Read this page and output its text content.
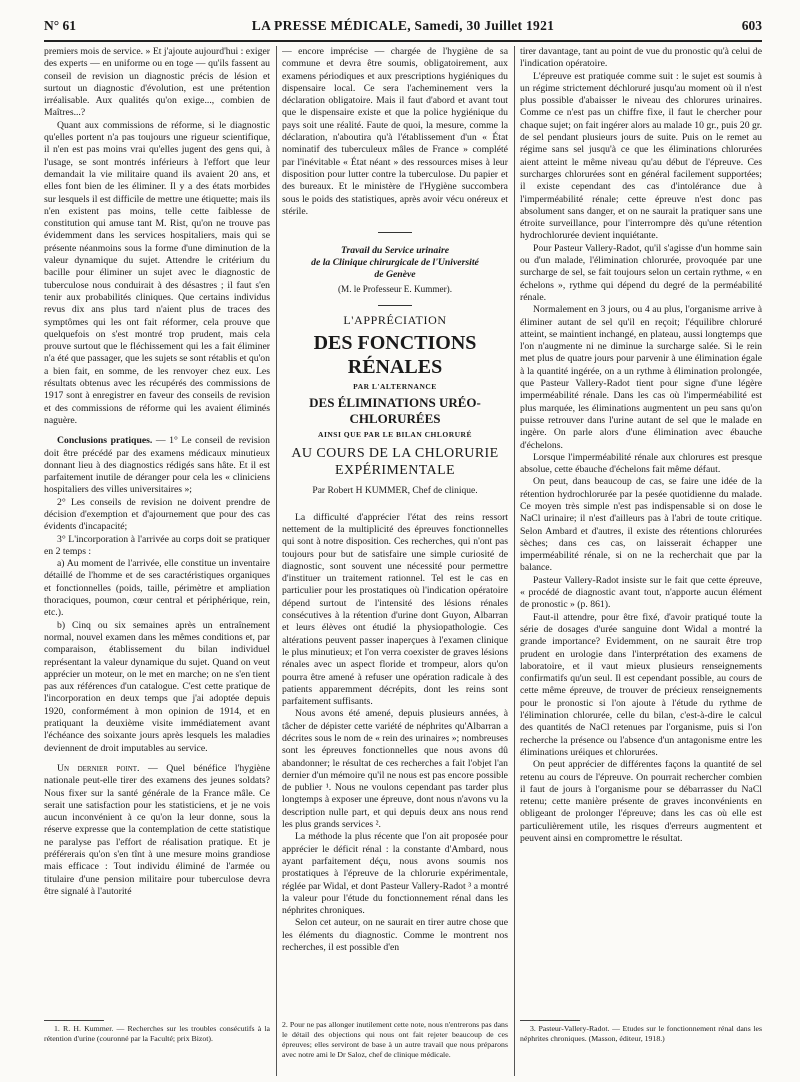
N° 61	LA PRESSE MÉDICALE, Samedi, 30 Juillet 1921	603

premiers mois de service. » Et j'ajoute aujourd'hui : exiger des experts — en uniforme ou en toge — qu'ils fassent au conseil de revision un diagnostic précis de lésion et surtout un diagnostic d'évolution, est une prétention irréalisable. Aux qualités qu'on exige..., combien de Maîtres...?

Quant aux commissions de réforme, si le diagnostic qu'elles portent n'a pas toujours une rigueur scientifique, il n'en est pas moins vrai qu'elles jugent des gens qui, à l'usage, se sont montrés inférieurs à l'effort que leur demandait la vie militaire quand ils avaient 20 ans, et elles font bien de les éliminer. Il y a des états morbides sur lesquels il est difficile de mettre une étiquette; mais ils n'en existent pas moins, telle cette faiblesse de constitution qui amuse tant M. Rist, qu'on ne trouve pas évidemment dans les services hospitaliers, mais qui se présente néanmoins sous la forme d'une diminution de la valeur dynamique du sujet. Attendre le critérium du bacille pour éliminer un sujet avec le diagnostic de tuberculose nous conduirait à des désastres ; il faut s'en tenir aux probabilités cliniques. Que certains individus revus dix ans plus tard n'aient plus de traces des symptômes qui les ont fait réformer, cela prouve que quelquefois on s'est montré trop prudent, mais cela prouve surtout que le fléchissement qui les a fait éliminer n'a été que passager, que les sujets se sont rétablis et qu'on a bien fait, en somme, de les renvoyer chez eux. Les résultats obtenus avec les récupérés des commissions de 1917 sont à enregistrer en faveur des conseils de revision et des commissions de réforme qui les avaient éliminés naguère.

Conclusions pratiques. — 1° Le conseil de revision doit être précédé par des examens médicaux minutieux donnant lieu à des diagnostics rédigés sans hâte. Et il est parfaitement inutile de déranger pour cela les « cliniciens hospitaliers des villes universitaires »;

2° Les conseils de revision ne doivent prendre de décision d'exemption et d'ajournement que pour des cas évidents d'incapacité;

3° L'incorporation à l'arrivée au corps doit se pratiquer en 2 temps :

a) Au moment de l'arrivée, elle constitue un inventaire détaillé de l'homme et de ses caractéristiques organiques et fonctionnelles (poids, taille, périmètre et ampliation thoraciques, poumon, cœur central et périphérique, rein, etc.).

b) Cinq ou six semaines après un entraînement normal, nouvel examen dans les mêmes conditions et, par comparaison, établissement du bilan individuel représentant la valeur dynamique du sujet. Quand on veut apprécier un moteur, on le met en marche; on ne s'en tient pas aux références d'un catalogue. C'est cette pratique de l'incorporation en deux temps que j'ai adoptée depuis 1920, conformément à mon opinion de 1914, et en pratiquant la deuxième visite immédiatement avant l'échéance des soixante jours après lesquels les maladies deviennent de droit imputables au service.

Un dernier point. — Quel bénéfice l'hygiène nationale peut-elle tirer des examens des jeunes soldats? Nous fixer sur la santé générale de la France mâle. Ce serait une satisfaction pour les statisticiens, et je ne vois aucun inconvénient à ce qu'on la leur donne, sous la réserve expresse que la contemplation de cette statistique ne paralyse pas l'effort de réalisation pratique. Et je préférerais qu'on s'en tînt à une mesure moins grandiose mais efficace : Tout individu éliminé de l'armée ou titulaire d'une pension militaire pour tuberculose devra être signalé à l'autorité

— encore imprécise — chargée de l'hygiène de sa commune et devra être soumis, obligatoirement, aux examens périodiques et aux prescriptions hygiéniques du dispensaire local. Ce sera l'acheminement vers la déclaration obligatoire. Mais il faut d'abord et avant tout que le dispensaire existe et que la police hygiénique du pays soit une réalité. Faute de quoi, la mesure, comme la déclaration, n'aboutira qu'à l'établissement d'un « État nominatif des tuberculeux mâles de France » complété par l'inévitable « État néant » des ressources mises à leur disposition pour lutter contre la tuberculose. Du papier et des bureaux. Et le ministère de l'Hygiène succombera sous le poids des statistiques, après avoir vécu onéreux et stérile.

Travail du Service urinaire
de la Clinique chirurgicale de l'Université
de Genève
(M. le Professeur E. Kummer).
L'APPRÉCIATION
DES FONCTIONS RÉNALES
PAR L'ALTERNANCE
DES ÉLIMINATIONS URÉO-CHLORURÉES
AINSI QUE PAR LE BILAN CHLORURÉ
AU COURS DE LA CHLORURIE
EXPÉRIMENTALE
Par Robert H KUMMER, Chef de clinique.

La difficulté d'apprécier l'état des reins ressort nettement de la multiplicité des épreuves fonctionnelles qui sont à notre disposition. Ces recherches, qui n'ont pas toujours pour but de satisfaire une simple curiosité de diagnostic, sont souvent une nécessité pour permettre d'instituer un traitement rationnel. Tel est le cas en particulier pour les prostatiques où l'indication opératoire dépend surtout de l'intensité des lésions rénales consécutives à la rétention d'urine dont Guyon, Albarran et leurs élèves ont étudié la physiopathologie. Ces altérations peuvent passer inaperçues à l'examen clinique le plus minutieux; et l'on verra coexister de graves lésions rénales avec un aspect floride et trompeur, alors qu'on pourra être amené à refuser une opération radicale à des patients apparemment décrépits, dont les reins sont parfaitement suffisants.

Nous avons été amené, depuis plusieurs années, à tâcher de dépister cette variété de néphrites qu'Albarran a décrites sous le nom de « rein des urinaires »; nombreuses sont les épreuves fonctionnelles que nous avons dû abandonner; le résultat de ces recherches a fait l'objet l'an dernier d'un mémoire qu'il ne nous est pas encore possible de publier ¹. Nous ne voulons cependant pas tarder plus longtemps à exposer une épreuve, dont nous n'avons vu la description nulle part, et qui depuis deux ans nous rend les plus grands services ².

La méthode la plus récente que l'on ait proposée pour apprécier le déficit rénal : la constante d'Ambard, nous ayant parfaitement déçu, nous avons soumis nos prostatiques à l'épreuve de la chlorurie expérimentale, réglée par Widal, et dont Pasteur Vallery-Radot ³ a montré la valeur pour l'étude du fonctionnement rénal dans les néphrites chroniques.

Selon cet auteur, on ne saurait en tirer autre chose que les éléments du diagnostic. Comme le montrent nos recherches, il est possible d'en

tirer davantage, tant au point de vue du pronostic qu'à celui de l'indication opératoire.

L'épreuve est pratiquée comme suit : le sujet est soumis à un régime strictement déchloruré jusqu'au moment où il n'est plus possible d'abaisser le niveau des chlorures urinaires. Comme ce n'est pas un chiffre fixe, il faut le chercher pour chaque sujet; on fait ingérer alors au malade 10 gr., puis 20 gr. de sel pendant plusieurs jours de suite. Puis on le remet au régime sans sel jusqu'à ce que les éliminations chlorurées aient atteint le même niveau qu'au début de l'épreuve. Ces surcharges chlorurées sont en général facilement supportées; il existe cependant des cas d'intolérance due à l'imperméabilité rénale; cette épreuve n'est donc pas absolument sans danger, et on ne saurait la pratiquer sans une étroite surveillance, pour l'interrompre dès qu'une rétention hydrochlorurée devient inquiétante.

Pour Pasteur Vallery-Radot, qu'il s'agisse d'un homme sain ou d'un malade, l'élimination chlorurée, provoquée par une surcharge de sel, se fait toujours selon un certain rythme, « en échelons », rythme qui dépend du degré de la perméabilité rénale.

Normalement en 3 jours, ou 4 au plus, l'organisme arrive à éliminer autant de sel qu'il en reçoit; l'équilibre chloruré atteint, se maintient inchangé, en plateau, aussi longtemps que l'on n'augmente ni ne diminue la surcharge salée. Si le rein met plus de quatre jours pour parvenir à une élimination égale à la quantité ingérée, on a un rythme à élimination prolongée, que Pasteur Vallery-Radot tient pour signe d'une légère imperméabilité rénale. Dans les cas où l'imperméabilité est plus marquée, les éliminations augmentent un peu sans qu'on puisse retrouver dans l'urine autant de sel que le malade en ingère. On parle alors d'une élimination avec ébauche d'échelons.

Lorsque l'imperméabilité rénale aux chlorures est presque absolue, cette ébauche d'échelons fait même défaut.

On peut, dans beaucoup de cas, se faire une idée de la rétention hydrochlorurée par la pesée quotidienne du malade. Ce moyen très simple n'est pas indispensable si on dose le NaCl urinaire; il n'est d'ailleurs pas à l'abri de toute critique. Selon Ambard et d'autres, il existe des rétentions chlorurées sèches; dans ces cas, on laisserait échapper une imperméabilité rénale, si on ne la recherchait que par la balance.

Pasteur Vallery-Radot insiste sur le fait que cette épreuve, « procédé de diagnostic avant tout, n'apporte aucun élément de pronostic » (p. 861).

Faut-il attendre, pour être fixé, d'avoir pratiqué toute la série de dosages d'urée sanguine dont Widal a montré la grande importance? Evidemment, on ne saurait être trop prudent en urologie dans l'interprétation des examens de laboratoire, et il vaut mieux plusieurs renseignements confirmatifs qu'un seul. Il est cependant possible, au cours de cette même épreuve, de trouver de précieux renseignements pour le pronostic si l'on ajoute à l'étude du rythme de l'élimination chlorurée, celle du bilan, c'est-à-dire le calcul des quantités de NaCl retenues par l'organisme, puis si l'on recherche la présence ou l'absence d'un antagonisme entre les éliminations uréiques et chlorurées.

On peut apprécier de différentes façons la quantité de sel retenu au cours de l'épreuve. On pourrait rechercher combien il faut de jours à l'organisme pour se débarrasser du NaCl retenu; cette manière présente de graves inconvénients en obligeant de prolonger l'épreuve; dans les cas où elle est particulièrement utile, les risques d'erreurs augmentent et peuvent ainsi en compromettre le résultat.

1. R. H. Kummer. — Recherches sur les troubles consécutifs à la rétention d'urine (couronné par la Faculté; prix Bizot).

2. Pour ne pas allonger inutilement cette note, nous n'entrerons pas dans le détail des objections qui nous ont fait rejeter beaucoup de ces épreuves; elles serviront de base à un autre travail que nous préparons avec notre ami le Dr Saloz, chef de clinique médicale.

3. Pasteur-Vallery-Radot. — Etudes sur le fonctionnement rénal dans les néphrites chroniques. (Masson, éditeur, 1918.)
